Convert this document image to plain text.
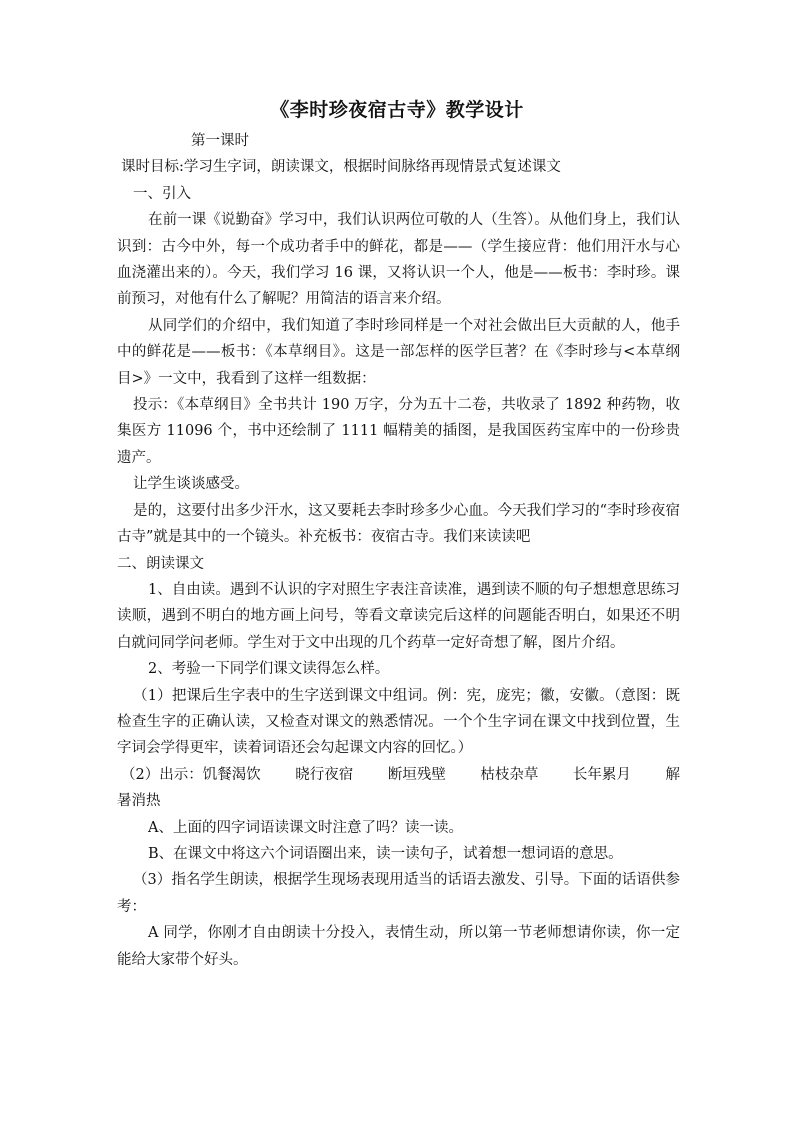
《李时珍夜宿古寺》教学设计

第一课时

课时目标:学习生字词，朗读课文，根据时间脉络再现情景式复述课文

一、引入

在前一课《说勤奋》学习中，我们认识两位可敬的人（生答）。从他们身上，我们认识到：古今中外，每一个成功者手中的鲜花，都是——（学生接应背：他们用汗水与心血浇灌出来的）。今天，我们学习 16 课，又将认识一个人，他是——板书：李时珍。课前预习，对他有什么了解呢？用简洁的语言来介绍。

从同学们的介绍中，我们知道了李时珍同样是一个对社会做出巨大贡献的人，他手中的鲜花是——板书：《本草纲目》。这是一部怎样的医学巨著？在《李时珍与<本草纲目>》一文中，我看到了这样一组数据：

投示：《本草纲目》全书共计 190 万字，分为五十二卷，共收录了 1892 种药物，收集医方 11096 个，书中还绘制了 1111 幅精美的插图，是我国医药宝库中的一份珍贵遗产。

让学生谈谈感受。

是的，这要付出多少汗水，这又要耗去李时珍多少心血。今天我们学习的“李时珍夜宿古寺”就是其中的一个镜头。补充板书：夜宿古寺。我们来读读吧

二、朗读课文

1、自由读。遇到不认识的字对照生字表注音读准，遇到读不顺的句子想想意思练习读顺，遇到不明白的地方画上问号，等看文章读完后这样的问题能否明白，如果还不明白就问同学问老师。学生对于文中出现的几个药草一定好奇想了解，图片介绍。

2、考验一下同学们课文读得怎么样。

（1）把课后生字表中的生字送到课文中组词。例：宪，庞宪；徽，安徽。（意图：既检查生字的正确认读，又检查对课文的熟悉情况。一个个生字词在课文中找到位置，生字词会学得更牢，读着词语还会勾起课文内容的回忆。）

（2）出示：饥餐渴饮 晓行夜宿 断垣残壁 枯枝杂草 长年累月 解

暑消热

A、上面的四字词语读课文时注意了吗？读一读。

B、在课文中将这六个词语圈出来，读一读句子，试着想一想词语的意思。

（3）指名学生朗读，根据学生现场表现用适当的话语去激发、引导。下面的话语供参考：

A 同学，你刚才自由朗读十分投入，表情生动，所以第一节老师想请你读，你一定能给大家带个好头。
